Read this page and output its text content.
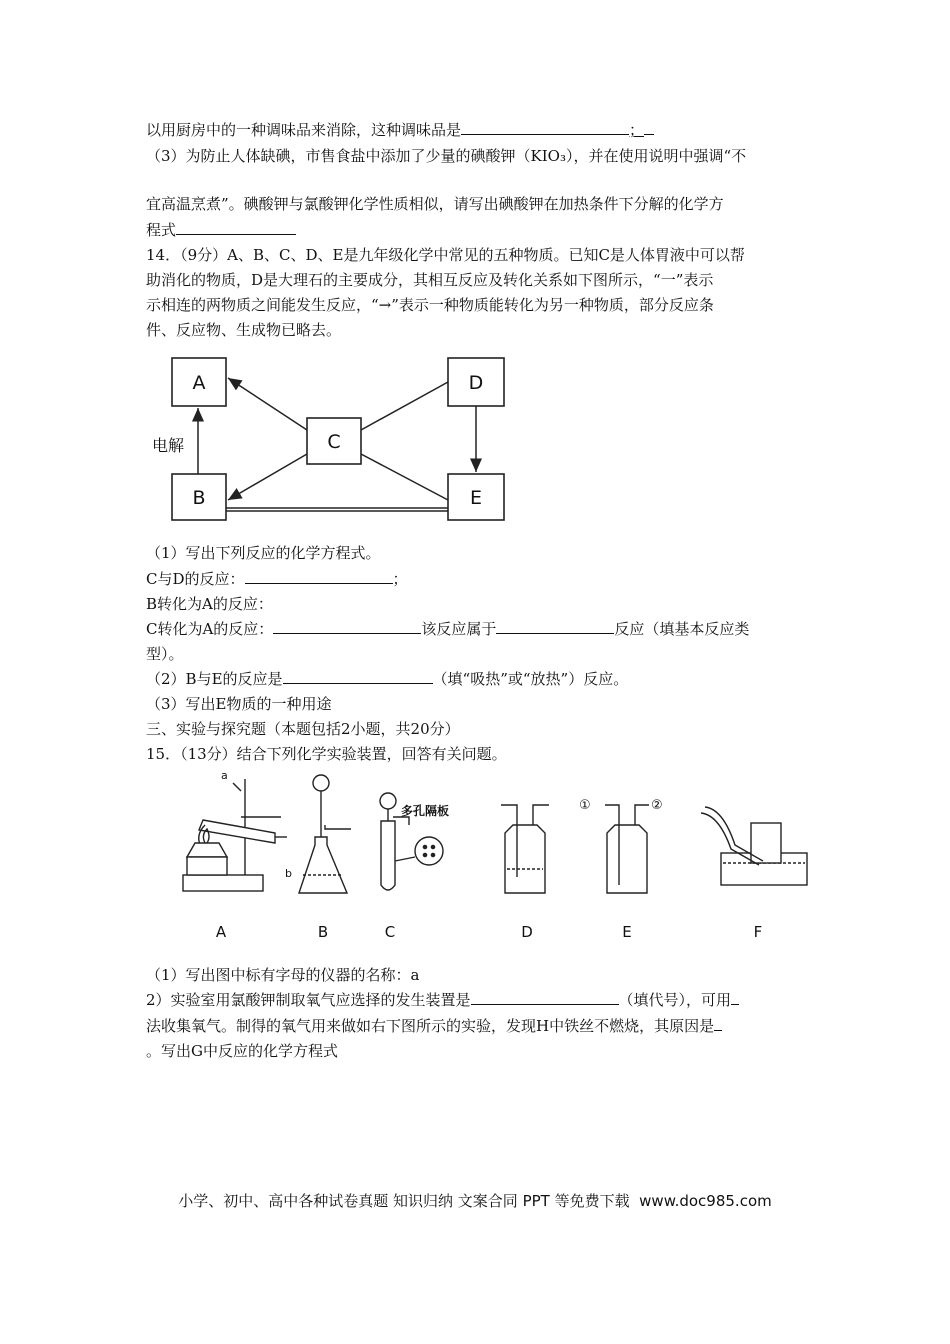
以用厨房中的一种调味品来消除，这种调味品是	；
（3）为防止人体缺碘，市售食盐中添加了少量的碘酸钾（KIO₃），并在使用说明中强调“不
宜高温烹煮”。碘酸钾与氯酸钾化学性质相似，请写出碘酸钾在加热条件下分解的化学方
程式
14．（9分）A、B、C、D、E是九年级化学中常见的五种物质。已知C是人体胃液中可以帮
助消化的物质，D是大理石的主要成分，其相互反应及转化关系如下图所示，“一”表示
示相连的两物质之间能发生反应，“→”表示一种物质能转化为另一种物质，部分反应条
件、反应物、生成物已略去。
A
B
C
D
E
电解
（1）写出下列反应的化学方程式。
C与D的反应：	；
B转化为A的反应：
C转化为A的反应：	该反应属于	反应（填基本反应类
型）。
（2）B与E的反应是	（填“吸热”或“放热”）反应。
（3）写出E物质的一种用途
三、实验与探究题（本题包括2小题，共20分）
15．（13分）结合下列化学实验装置，回答有关问题。
a
b
多孔隔板	①	②
A	B	C	D	E	F
（1）写出图中标有字母的仪器的名称：a
2）实验室用氯酸钾制取氧气应选择的发生装置是	（填代号），可用
法收集氧气。制得的氧气用来做如右下图所示的实验，发现H中铁丝不燃烧，其原因是
。写出G中反应的化学方程式
小学、初中、高中各种试卷真题 知识归纳 文案合同 PPT 等免费下载 www.doc985.com
